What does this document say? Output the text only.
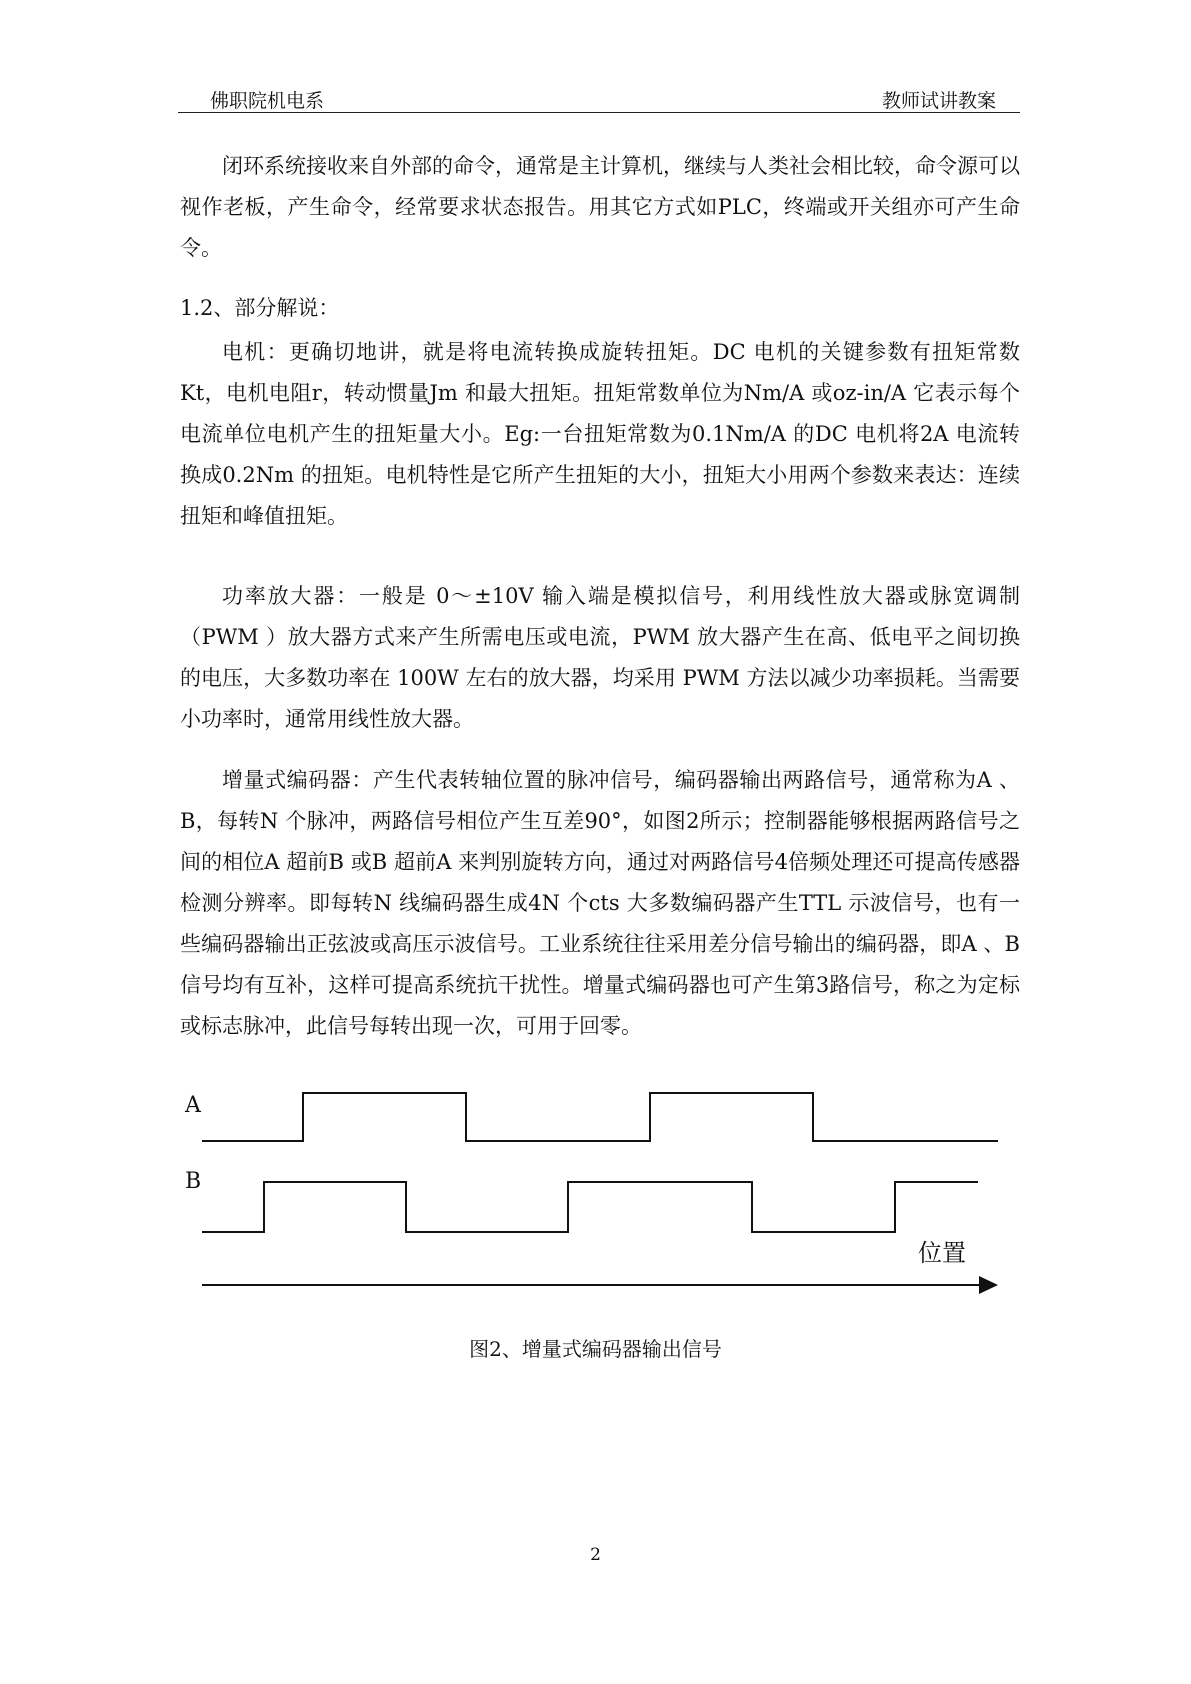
佛职院机电系	教师试讲教案
闭环系统接收来自外部的命令，通常是主计算机，继续与人类社会相比较，命令源可以视作老板，产生命令，经常要求状态报告。用其它方式如PLC，终端或开关组亦可产生命令。
1.2、部分解说：
电机：更确切地讲，就是将电流转换成旋转扭矩。DC 电机的关键参数有扭矩常数Kt，电机电阻r，转动惯量Jm 和最大扭矩。扭矩常数单位为Nm/A 或oz-in/A 它表示每个电流单位电机产生的扭矩量大小。Eg:一台扭矩常数为0.1Nm/A 的DC 电机将2A 电流转换成0.2Nm 的扭矩。电机特性是它所产生扭矩的大小，扭矩大小用两个参数来表达：连续扭矩和峰值扭矩。
功率放大器：一般是 0～±10V 输入端是模拟信号，利用线性放大器或脉宽调制（PWM ）放大器方式来产生所需电压或电流，PWM 放大器产生在高、低电平之间切换的电压，大多数功率在 100W 左右的放大器，均采用 PWM 方法以减少功率损耗。当需要小功率时，通常用线性放大器。
增量式编码器：产生代表转轴位置的脉冲信号，编码器输出两路信号，通常称为A 、 B，每转N 个脉冲，两路信号相位产生互差90°，如图2所示；控制器能够根据两路信号之间的相位A 超前B 或B 超前A 来判别旋转方向，通过对两路信号4倍频处理还可提高传感器检测分辨率。即每转N 线编码器生成4N 个cts 大多数编码器产生TTL 示波信号，也有一些编码器输出正弦波或高压示波信号。工业系统往往采用差分信号输出的编码器，即A 、B 信号均有互补，这样可提高系统抗干扰性。增量式编码器也可产生第3路信号，称之为定标或标志脉冲，此信号每转出现一次，可用于回零。
A
B
位置
图2、增量式编码器输出信号
2
